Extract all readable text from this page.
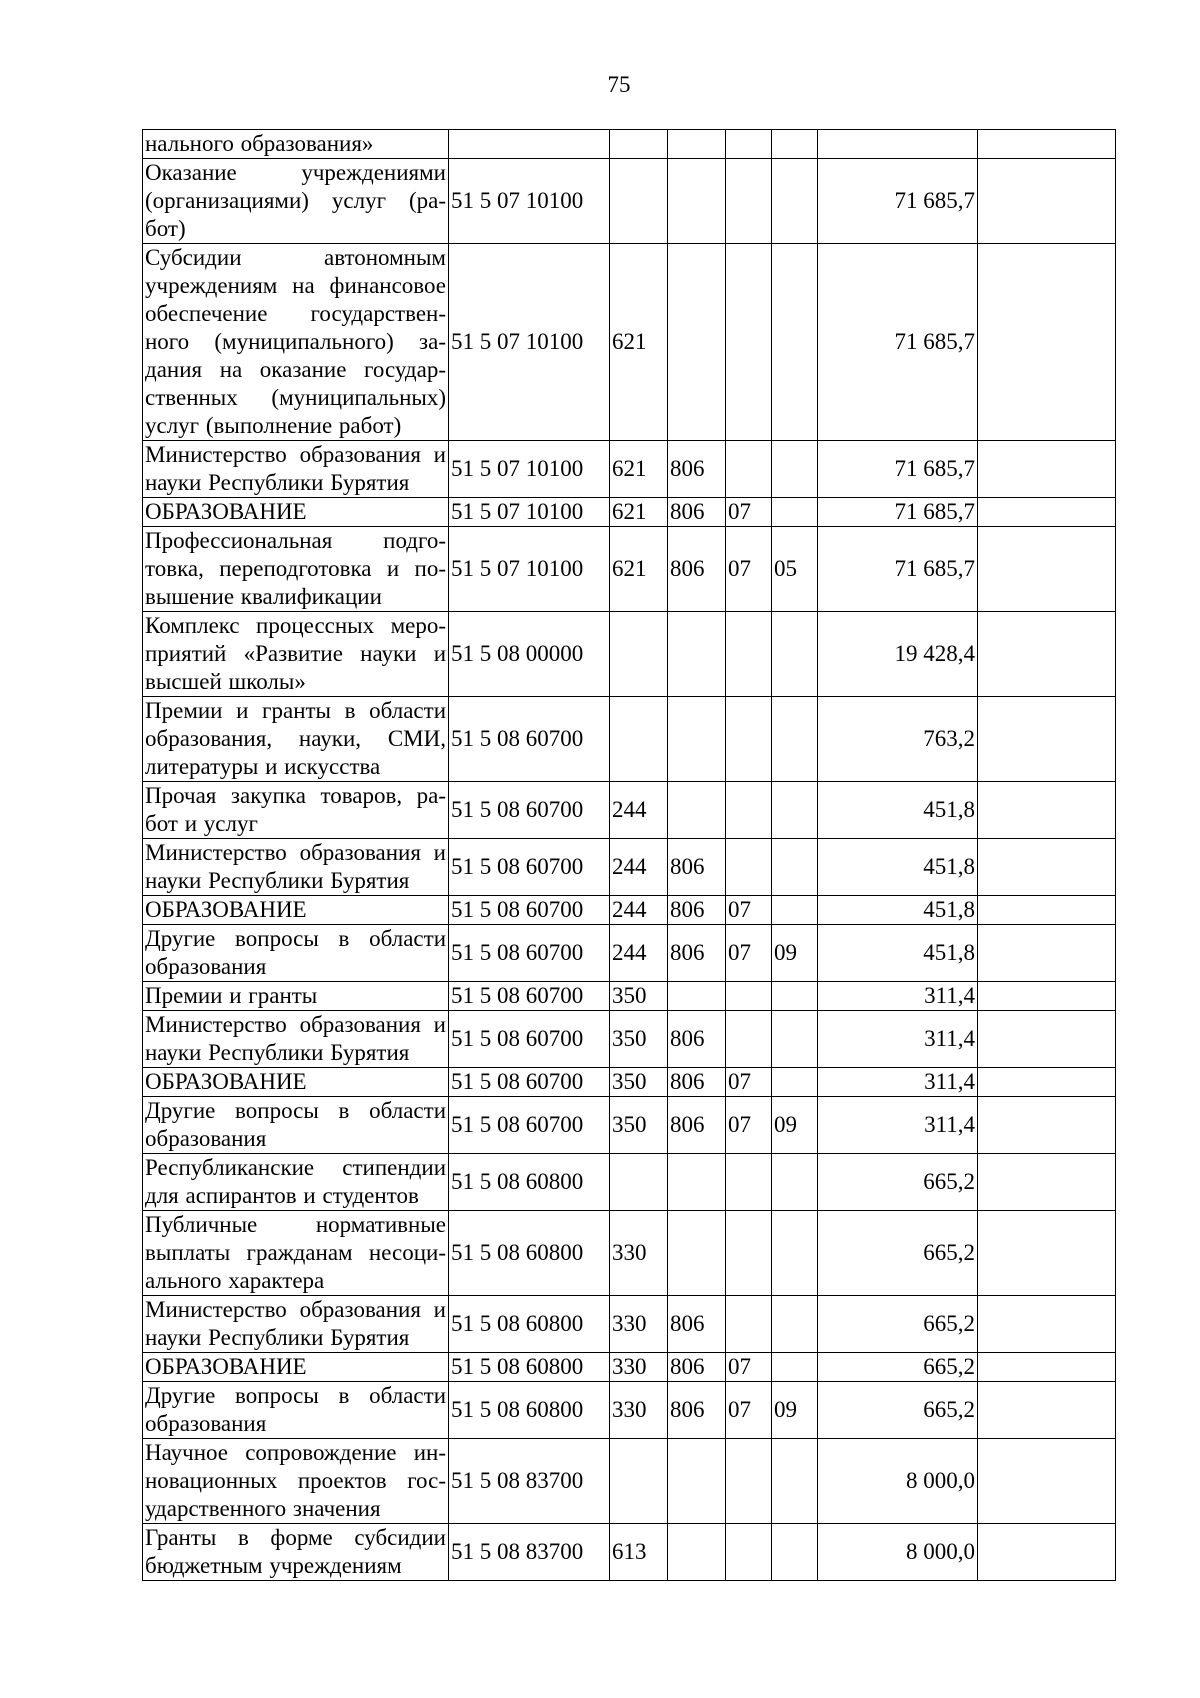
75
нального образования»							
Оказание учреждениями (организациями) услуг (ра-бот)	51 5 07 10100					71 685,7	
Субсидии автономным учреждениям на финансовое обеспечение государствен-ного (муниципального) за-дания на оказание государ-ственных (муниципальных) услуг (выполнение работ)	51 5 07 10100	621				71 685,7	
Министерство образования и науки Республики Бурятия	51 5 07 10100	621	806			71 685,7	
ОБРАЗОВАНИЕ	51 5 07 10100	621	806	07		71 685,7	
Профессиональная подго-товка, переподготовка и по-вышение квалификации	51 5 07 10100	621	806	07	05	71 685,7	
Комплекс процессных меро-приятий «Развитие науки и высшей школы»	51 5 08 00000					19 428,4	
Премии и гранты в области образования, науки, СМИ, литературы и искусства	51 5 08 60700					763,2	
Прочая закупка товаров, ра-бот и услуг	51 5 08 60700	244				451,8	
Министерство образования и науки Республики Бурятия	51 5 08 60700	244	806			451,8	
ОБРАЗОВАНИЕ	51 5 08 60700	244	806	07		451,8	
Другие вопросы в области образования	51 5 08 60700	244	806	07	09	451,8	
Премии и гранты	51 5 08 60700	350				311,4	
Министерство образования и науки Республики Бурятия	51 5 08 60700	350	806			311,4	
ОБРАЗОВАНИЕ	51 5 08 60700	350	806	07		311,4	
Другие вопросы в области образования	51 5 08 60700	350	806	07	09	311,4	
Республиканские стипендии для аспирантов и студентов	51 5 08 60800					665,2	
Публичные нормативные выплаты гражданам несоци-ального характера	51 5 08 60800	330				665,2	
Министерство образования и науки Республики Бурятия	51 5 08 60800	330	806			665,2	
ОБРАЗОВАНИЕ	51 5 08 60800	330	806	07		665,2	
Другие вопросы в области образования	51 5 08 60800	330	806	07	09	665,2	
Научное сопровождение ин-новационных проектов гос-ударственного значения	51 5 08 83700					8 000,0	
Гранты в форме субсидии бюджетным учреждениям	51 5 08 83700	613				8 000,0	
